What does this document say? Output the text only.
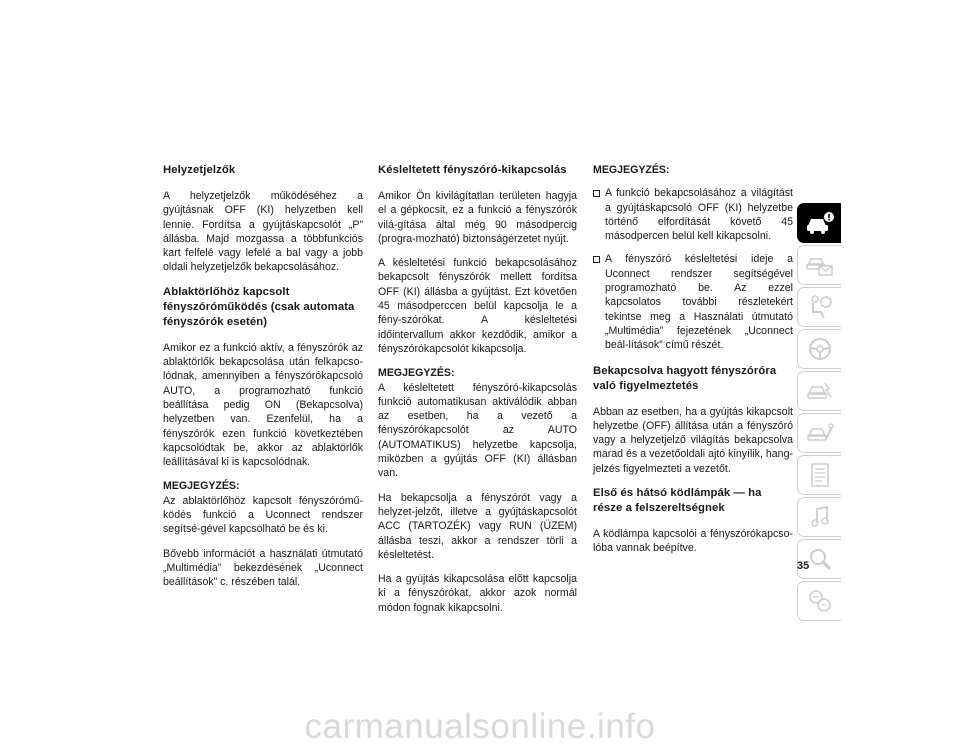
Helyzetjelzők

A helyzetjelzők működéséhez a gyújtásnak OFF (KI) helyzetben kell lennie. Fordítsa a gyújtáskapcsolót „P” állásba. Majd mozgassa a többfunkciós kart felfelé vagy lefelé a bal vagy a jobb oldali helyzetjelzők bekapcsolásához.

Ablaktörlőhöz kapcsolt fényszóróműködés (csak automata fényszórók esetén)

Amikor ez a funkció aktív, a fényszórók az ablaktörlők bekapcsolása után felkapcso-lódnak, amennyiben a fényszórókapcsoló AUTO, a programozható funkció beállítása pedig ON (Bekapcsolva) helyzetben van. Ezenfelül, ha a fényszórók ezen funkció következtében kapcsolódtak be, akkor az ablaktörlők leállításával ki is kapcsolódnak.

MEGJEGYZÉS:
Az ablaktörlőhöz kapcsolt fényszórómű-ködés funkció a Uconnect rendszer segítsé-gével kapcsolható be és ki.

Bővebb információt a használati útmutató „Multimédia” bekezdésének „Uconnect beállítások” c. részében talál.

Késleltetett fényszóró-kikapcsolás

Amikor Ön kivilágítatlan területen hagyja el a gépkocsit, ez a funkció a fényszórók vilá-gítása által még 90 másodpercig (progra-mozható) biztonságérzetet nyújt.

A késleltetési funkció bekapcsolásához bekapcsolt fényszórók mellett fordítsa OFF (KI) állásba a gyújtást. Ezt követően 45 másodperccen belül kapcsolja le a fény-szórókat. A késleltetési időintervallum akkor kezdődik, amikor a fényszórókapcsolót kikapcsolja.

MEGJEGYZÉS:
A késleltetett fényszóró-kikapcsolás funkció automatikusan aktiválódik abban az esetben, ha a vezető a fényszórókapcsolót az AUTO (AUTOMATIKUS) helyzetbe kapcsolja, miközben a gyújtás OFF (KI) állásban van.

Ha bekapcsolja a fényszórót vagy a helyzet-jelzőt, illetve a gyújtáskapcsolót ACC (TARTOZÉK) vagy RUN (ÜZEM) állásba teszi, akkor a rendszer törli a késleltetést.

Ha a gyújtás kikapcsolása előtt kapcsolja ki a fényszórókat, akkor azok normál módon fognak kikapcsolni.

MEGJEGYZÉS:

A funkció bekapcsolásához a világítást a gyújtáskapcsoló OFF (KI) helyzetbe történő elfordítását követő 45 másodpercen belül kell kikapcsolni.
A fényszóró késleltetési ideje a Uconnect rendszer segítségével programozható be. Az ezzel kapcsolatos további részletekért tekintse meg a Használati útmutató „Multimédia” fejezetének „Uconnect beál-lítások” című részét.
Bekapcsolva hagyott fényszóróra való figyelmeztetés

Abban az esetben, ha a gyújtás kikapcsolt helyzetbe (OFF) állítása után a fényszóró vagy a helyzetjelző világítás bekapcsolva marad és a vezetőoldali ajtó kinyílik, hang-jelzés figyelmezteti a vezetőt.

Első és hátsó ködlámpák — ha része a felszereltségnek

A ködlámpa kapcsolói a fényszórókapcso-lóba vannak beépítve.

35
carmanualsonline.info
